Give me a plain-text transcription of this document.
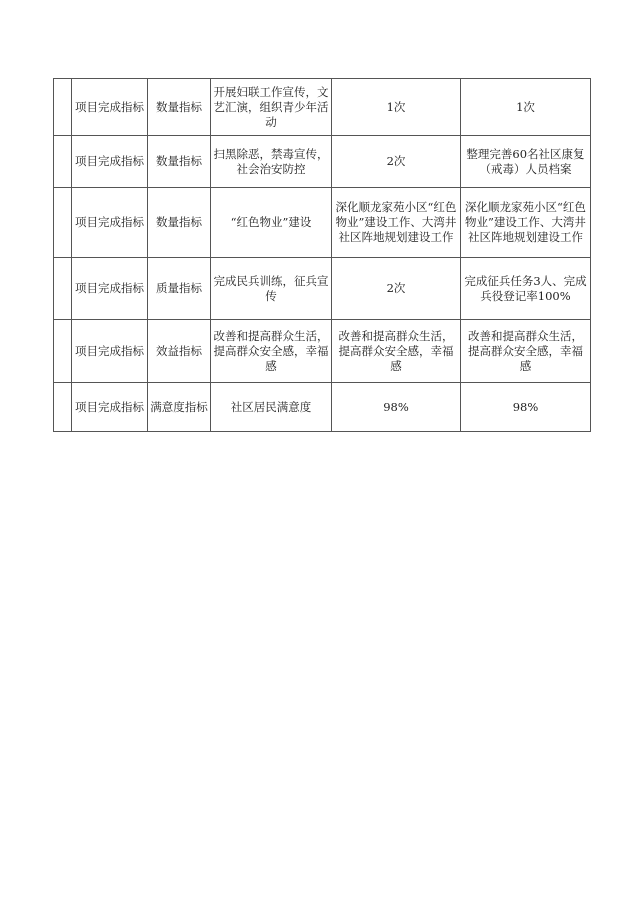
	项目完成指标	数量指标	开展妇联工作宣传，文艺汇演，组织青少年活动	1次	1次
	项目完成指标	数量指标	扫黑除恶，禁毒宣传，社会治安防控	2次	整理完善60名社区康复（戒毒）人员档案
	项目完成指标	数量指标	“红色物业”建设	深化顺龙家苑小区“红色物业”建设工作、大湾井社区阵地规划建设工作	深化顺龙家苑小区“红色物业”建设工作、大湾井社区阵地规划建设工作
	项目完成指标	质量指标	完成民兵训练，征兵宣传	2次	完成征兵任务3人、完成兵役登记率100%
	项目完成指标	效益指标	改善和提高群众生活，提高群众安全感，幸福感	改善和提高群众生活，提高群众安全感，幸福感	改善和提高群众生活，提高群众安全感，幸福感
	项目完成指标	满意度指标	社区居民满意度	98%	98%
